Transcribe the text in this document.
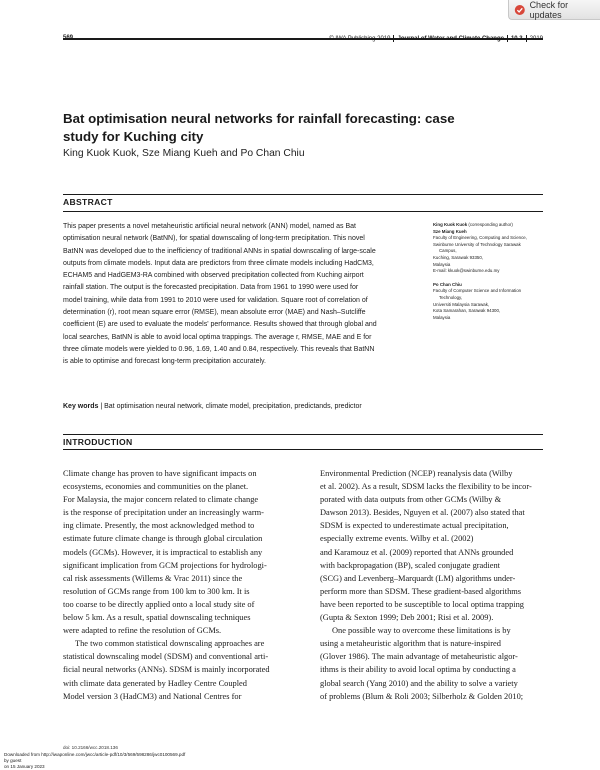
Check for updates
569	© IWA Publishing 2019 Journal of Water and Climate Change 10.3 2019
Bat optimisation neural networks for rainfall forecasting: case study for Kuching city
King Kuok Kuok, Sze Miang Kueh and Po Chan Chiu
ABSTRACT
This paper presents a novel metaheuristic artificial neural network (ANN) model, named as Bat
optimisation neural network (BatNN), for spatial downscaling of long-term precipitation. This novel
BatNN was developed due to the inefficiency of traditional ANNs in spatial downscaling of large-scale
outputs from climate models. Input data are predictors from three climate models including HadCM3,
ECHAM5 and HadGEM3-RA combined with observed precipitation collected from Kuching airport
rainfall station. The output is the forecasted precipitation. Data from 1961 to 1990 were used for
model training, while data from 1991 to 2010 were used for validation. Square root of correlation of
determination (r), root mean square error (RMSE), mean absolute error (MAE) and Nash–Sutcliffe
coefficient (E) are used to evaluate the models' performance. Results showed that through global and
local searches, BatNN is able to avoid local optima trappings. The average r, RMSE, MAE and E for
three climate models were yielded to 0.96, 1.69, 1.40 and 0.84, respectively. This reveals that BatNN
is able to optimise and forecast long-term precipitation accurately.
Key words | Bat optimisation neural network, climate model, precipitation, predictands, predictor
King Kuok Kuok (corresponding author)
Sze Miang Kueh
Faculty of Engineering, Computing and Science,
Swinburne University of Technology Sarawak
Campus,
Kuching, Sarawak 93350,
Malaysia
E-mail: kkuok@swinburne.edu.my
Po Chan Chiu
Faculty of Computer Science and Information
Technology,
Universiti Malaysia Sarawak,
Kota Samarahan, Sarawak 94300,
Malaysia
INTRODUCTION
Climate change has proven to have significant impacts on
ecosystems, economies and communities on the planet.
For Malaysia, the major concern related to climate change
is the response of precipitation under an increasingly warm-
ing climate. Presently, the most acknowledged method to
estimate future climate change is through global circulation
models (GCMs). However, it is impractical to establish any
significant implication from GCM projections for hydrologi-
cal risk assessments (Willems & Vrac 2011) since the
resolution of GCMs range from 100 km to 300 km. It is
too coarse to be directly applied onto a local study site of
below 5 km. As a result, spatial downscaling techniques
were adapted to refine the resolution of GCMs.
The two common statistical downscaling approaches are
statistical downscaling model (SDSM) and conventional arti-
ficial neural networks (ANNs). SDSM is mainly incorporated
with climate data generated by Hadley Centre Coupled
Model version 3 (HadCM3) and National Centres for
Environmental Prediction (NCEP) reanalysis data (Wilby
et al. 2002). As a result, SDSM lacks the flexibility to be incor-
porated with data outputs from other GCMs (Wilby &
Dawson 2013). Besides, Nguyen et al. (2007) also stated that
SDSM is expected to underestimate actual precipitation,
especially extreme events. Wilby et al. (2002)
and Karamouz et al. (2009) reported that ANNs grounded
with backpropagation (BP), scaled conjugate gradient
(SCG) and Levenberg–Marquardt (LM) algorithms under-
perform more than SDSM. These gradient-based algorithms
have been reported to be susceptible to local optima trapping
(Gupta & Sexton 1999; Deb 2001; Risi et al. 2009).
One possible way to overcome these limitations is by
using a metaheuristic algorithm that is nature-inspired
(Glover 1986). The main advantage of metaheuristic algor-
ithms is their ability to avoid local optima by conducting a
global search (Yang 2010) and the ability to solve a variety
of problems (Blum & Roli 2003; Silberholz & Golden 2010;
doi: 10.2166/wcc.2018.136
Downloaded from http://iwaponline.com/jwcc/article-pdf/10/3/569/598286/jwc0100569.pdf
by guest
on 15 January 2023
